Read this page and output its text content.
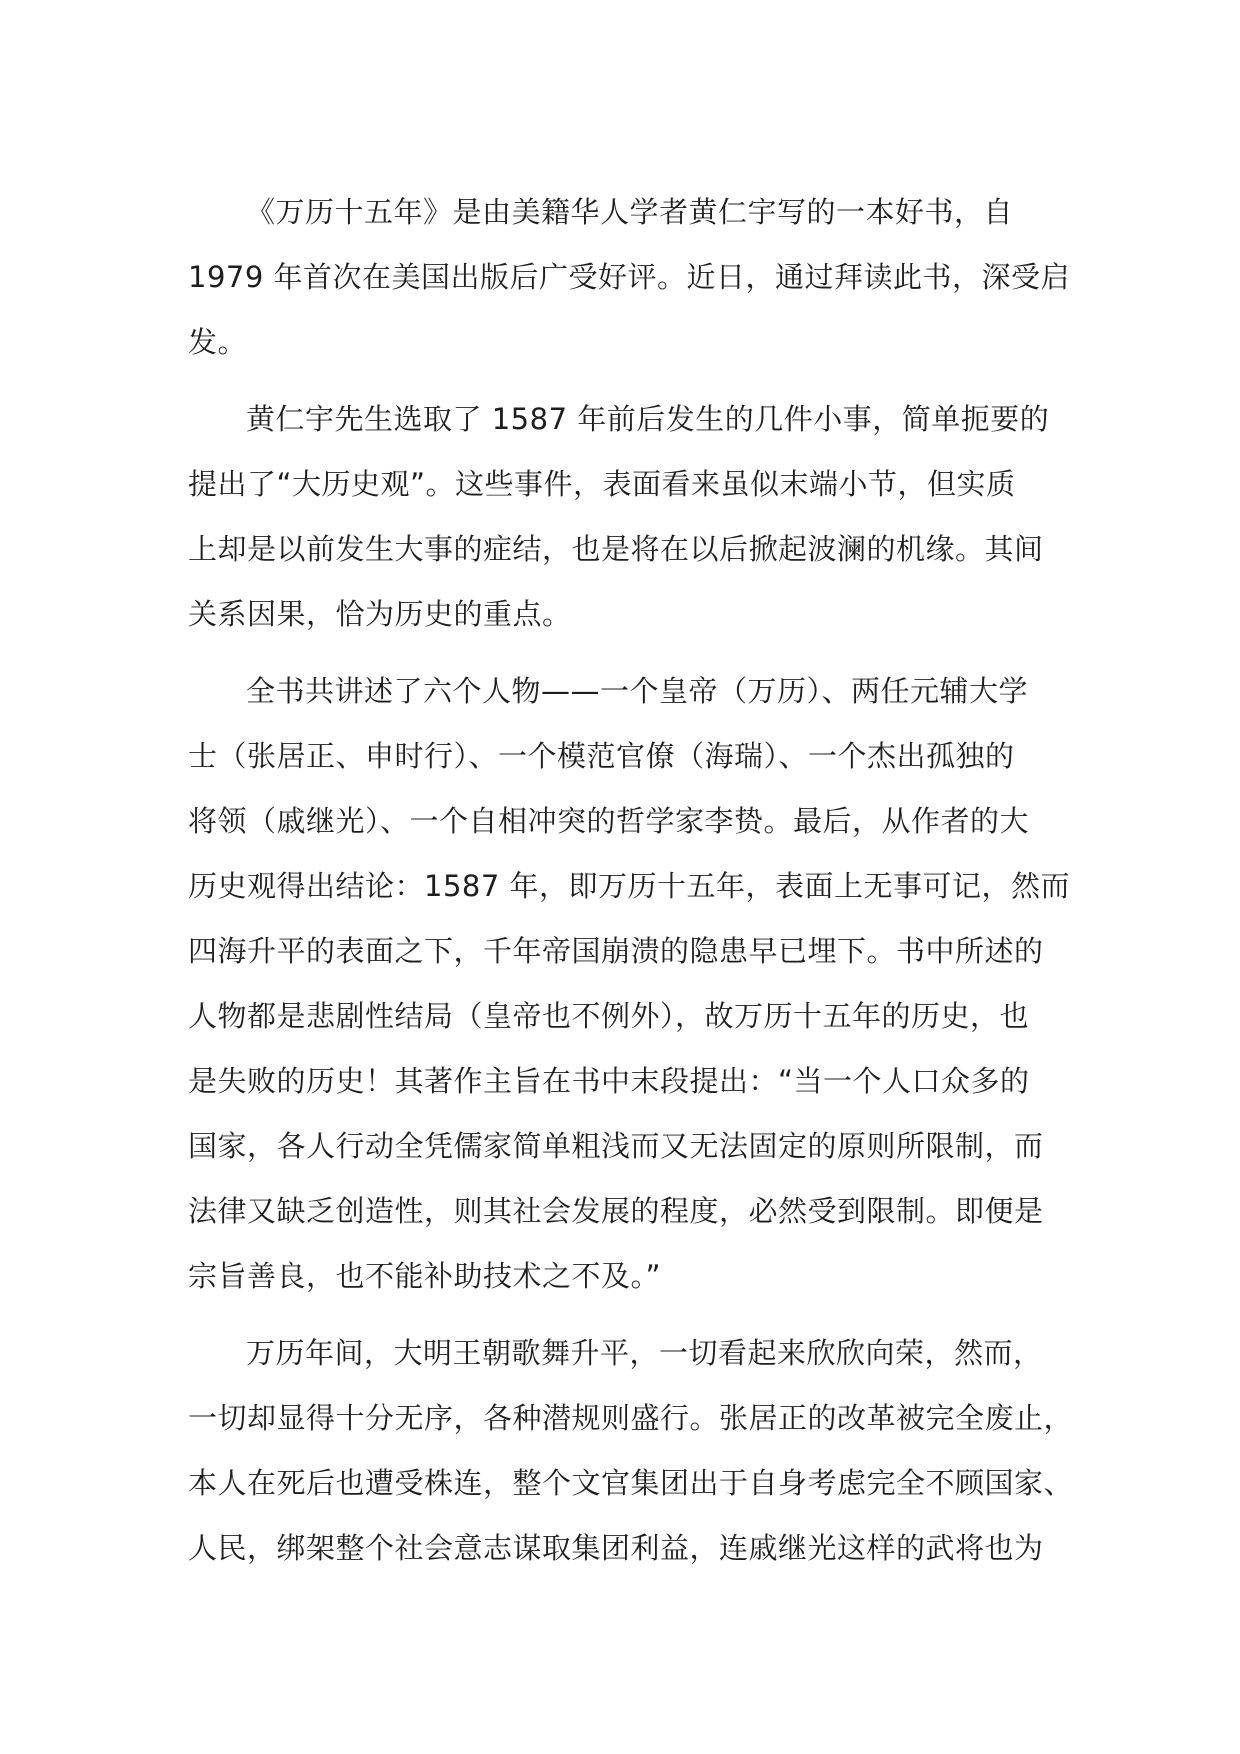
《万历十五年》是由美籍华人学者黄仁宇写的一本好书，自
1979 年首次在美国出版后广受好评。近日，通过拜读此书，深受启
发。

黄仁宇先生选取了 1587 年前后发生的几件小事，简单扼要的
提出了“大历史观”。这些事件，表面看来虽似末端小节，但实质
上却是以前发生大事的症结，也是将在以后掀起波澜的机缘。其间
关系因果，恰为历史的重点。

全书共讲述了六个人物——一个皇帝（万历）、两任元辅大学
士（张居正、申时行）、一个模范官僚（海瑞）、一个杰出孤独的
将领（戚继光）、一个自相冲突的哲学家李贽。最后，从作者的大
历史观得出结论：1587 年，即万历十五年，表面上无事可记，然而
四海升平的表面之下，千年帝国崩溃的隐患早已埋下。书中所述的
人物都是悲剧性结局（皇帝也不例外），故万历十五年的历史，也
是失败的历史！其著作主旨在书中末段提出：“当一个人口众多的
国家，各人行动全凭儒家简单粗浅而又无法固定的原则所限制，而
法律又缺乏创造性，则其社会发展的程度，必然受到限制。即便是
宗旨善良，也不能补助技术之不及。”

万历年间，大明王朝歌舞升平，一切看起来欣欣向荣，然而，
一切却显得十分无序，各种潜规则盛行。张居正的改革被完全废止，
本人在死后也遭受株连，整个文官集团出于自身考虑完全不顾国家、
人民，绑架整个社会意志谋取集团利益，连戚继光这样的武将也为
